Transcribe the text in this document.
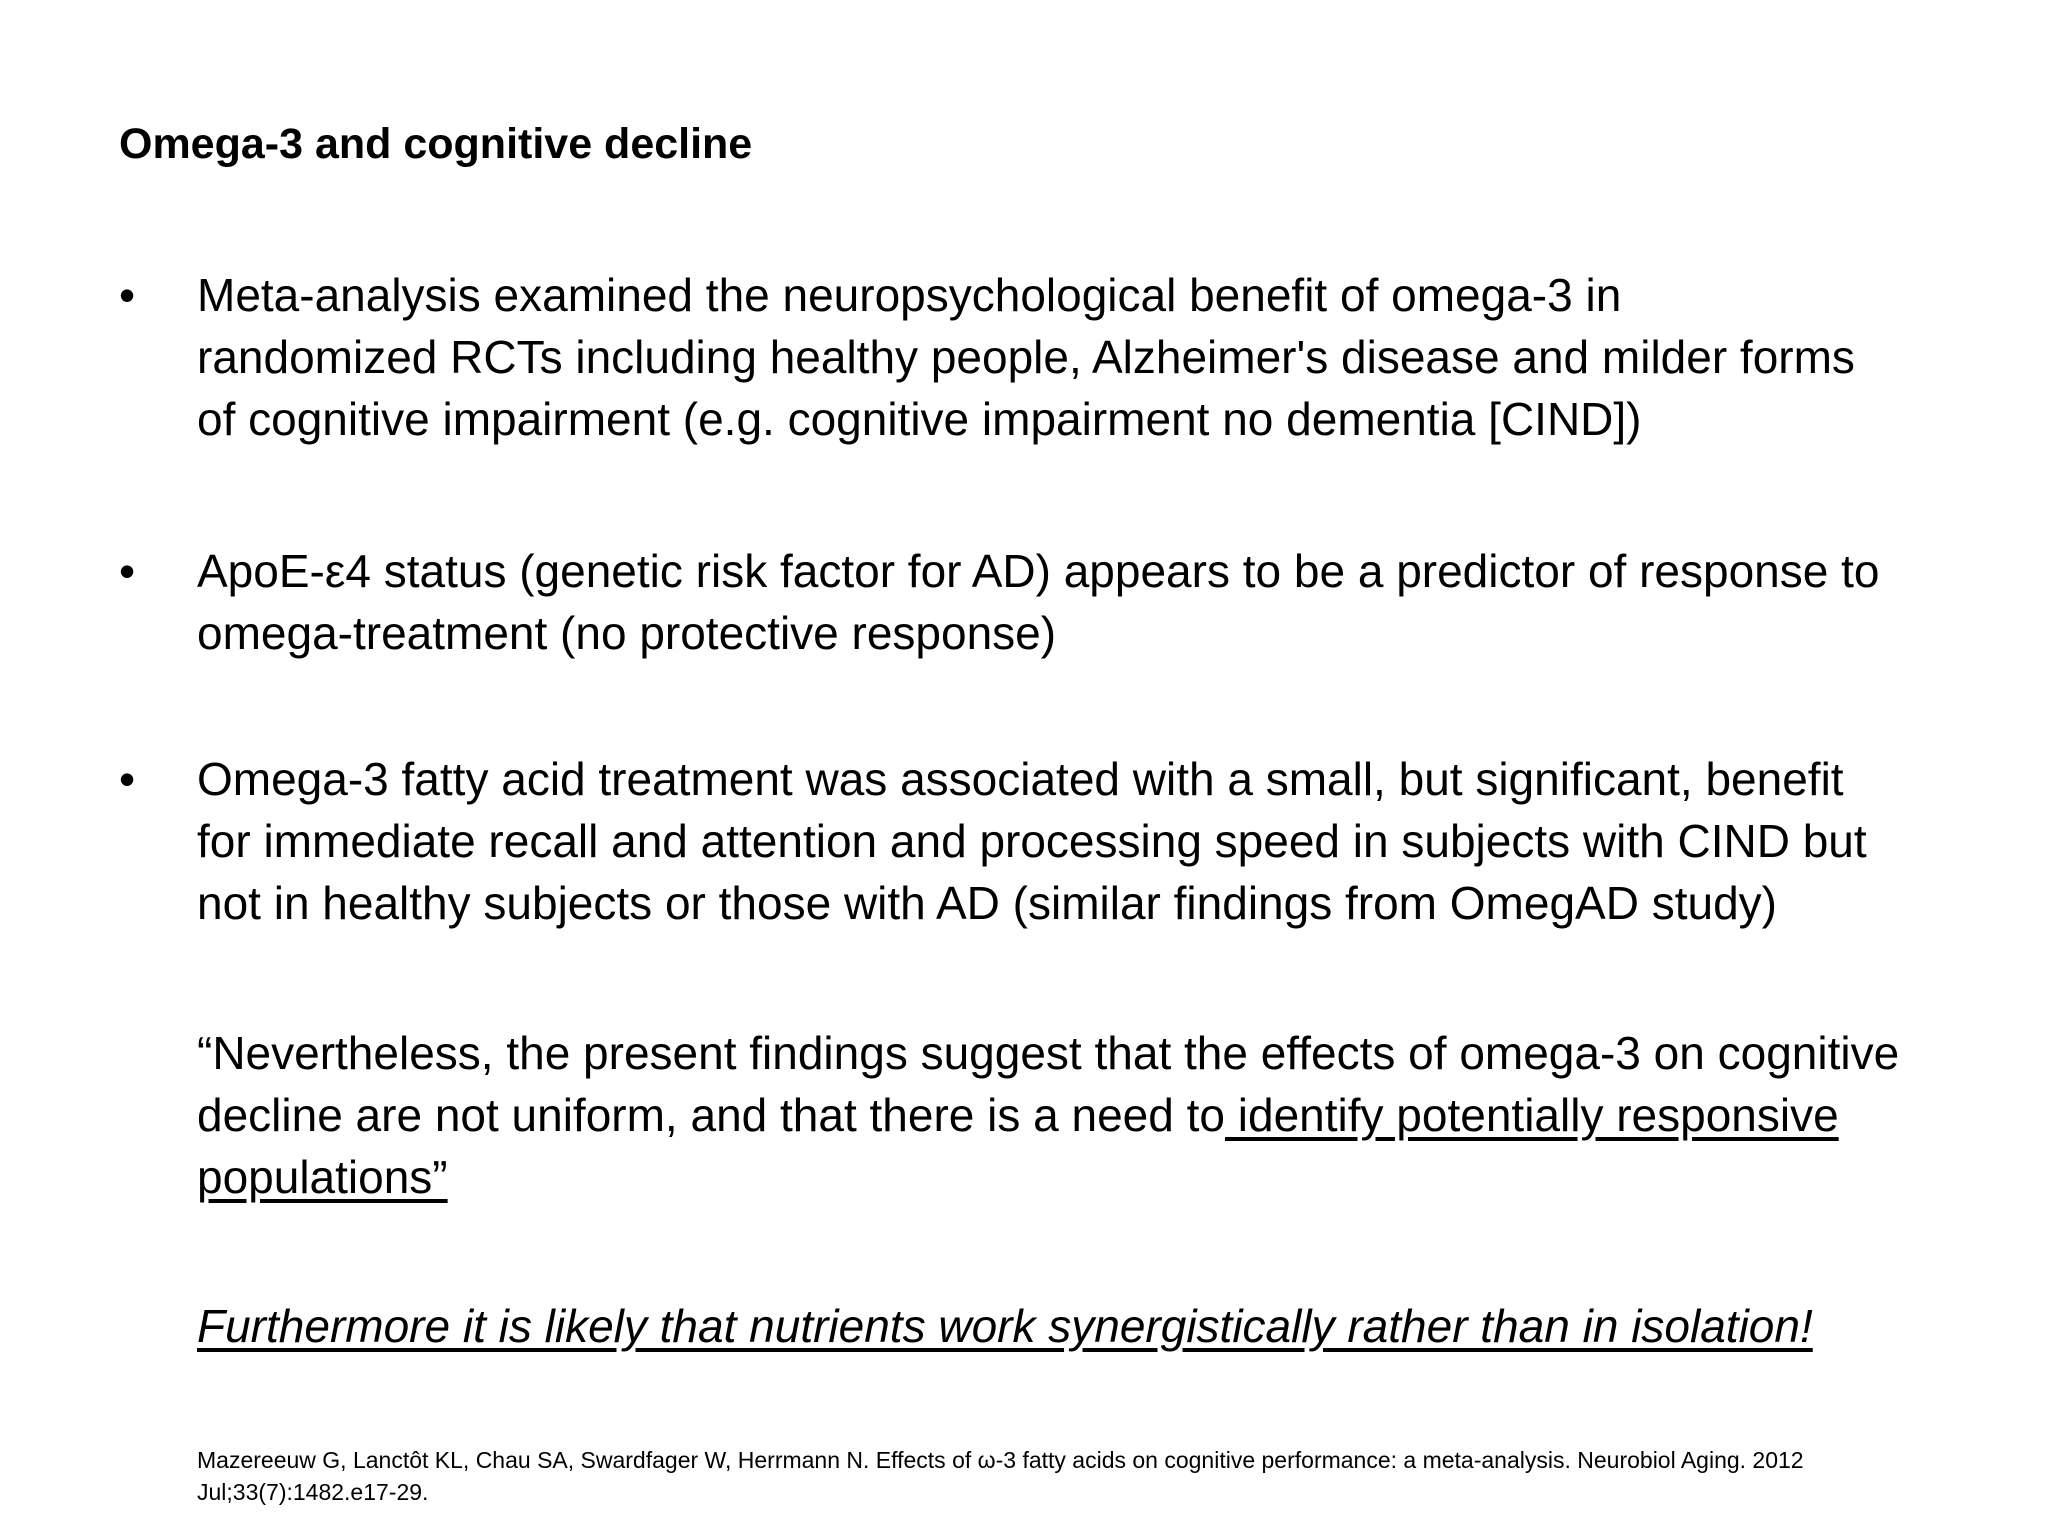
Omega-3 and cognitive decline
•	Meta-analysis examined the neuropsychological benefit of omega-3 in
randomized RCTs including healthy people, Alzheimer's disease and milder forms
of cognitive impairment (e.g. cognitive impairment no dementia [CIND])
•	ApoE-ε4 status (genetic risk factor for AD) appears to be a predictor of response to
omega-treatment (no protective response)
•	Omega-3 fatty acid treatment was associated with a small, but significant, benefit
for immediate recall and attention and processing speed in subjects with CIND but
not in healthy subjects or those with AD (similar findings from OmegAD study)
“Nevertheless, the present findings suggest that the effects of omega-3 on cognitive decline are not uniform, and that there is a need to identify potentially responsive populations”
Furthermore it is likely that nutrients work synergistically rather than in isolation!
Mazereeuw G, Lanctôt KL, Chau SA, Swardfager W, Herrmann N. Effects of ω-3 fatty acids on cognitive performance: a meta-analysis. Neurobiol Aging. 2012 Jul;33(7):1482.e17-29.
